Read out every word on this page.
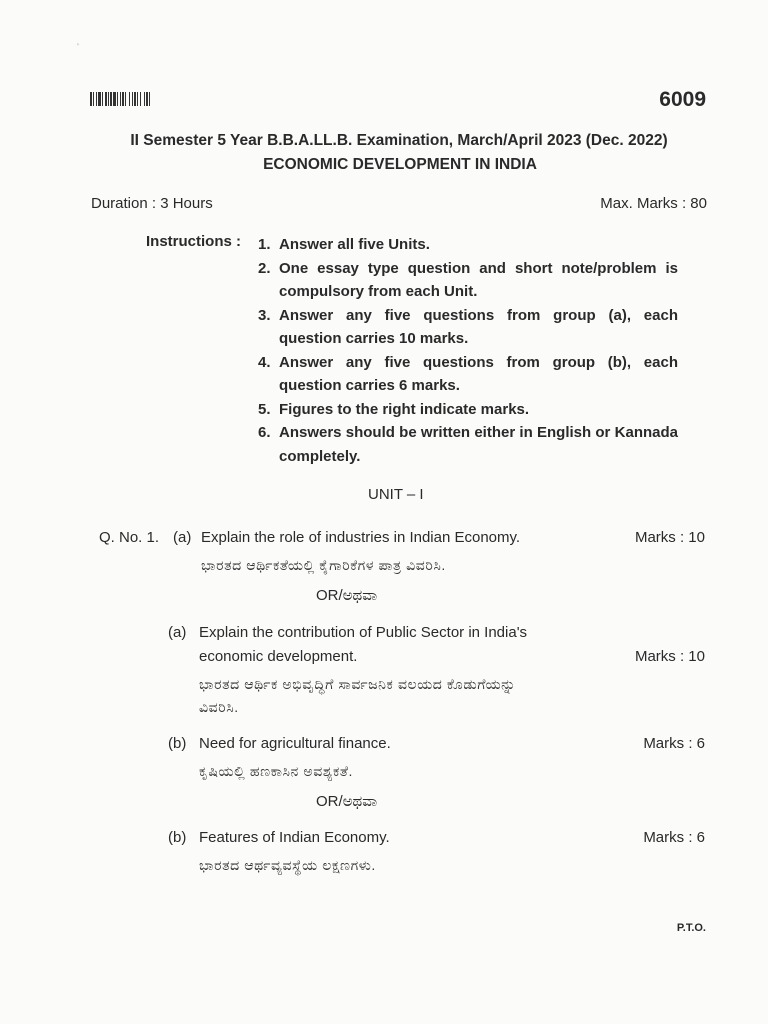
◔
6009
II Semester 5 Year B.B.A.LL.B. Examination, March/April 2023 (Dec. 2022)
ECONOMIC DEVELOPMENT IN INDIA
Duration : 3 Hours	Max. Marks : 80
Instructions : 1. Answer all five Units.
2. One essay type question and short note/problem is compulsory from each Unit.
3. Answer any five questions from group (a), each question carries 10 marks.
4. Answer any five questions from group (b), each question carries 6 marks.
5. Figures to the right indicate marks.
6. Answers should be written either in English or Kannada completely.
UNIT – I
Q. No. 1. (a) Explain the role of industries in Indian Economy.	Marks : 10
ಭಾರತದ ಆರ್ಥಿಕತೆಯಲ್ಲಿ ಕೈಗಾರಿಕೆಗಳ ಪಾತ್ರ ವಿವರಿಸಿ.
OR/ಅಥವಾ
(a) Explain the contribution of Public Sector in India's
economic development.	Marks : 10
ಭಾರತದ ಆರ್ಥಿಕ ಅಭಿವೃದ್ಧಿಗೆ ಸಾರ್ವಜನಿಕ ವಲಯದ ಕೊಡುಗೆಯನ್ನು
ವಿವರಿಸಿ.
(b) Need for agricultural finance.	Marks : 6
ಕೃಷಿಯಲ್ಲಿ ಹಣಕಾಸಿನ ಅವಶ್ಯಕತೆ.
OR/ಅಥವಾ
(b) Features of Indian Economy.	Marks : 6
ಭಾರತದ ಆರ್ಥವ್ಯವಸ್ಥೆಯ ಲಕ್ಷಣಗಳು.
P.T.O.
